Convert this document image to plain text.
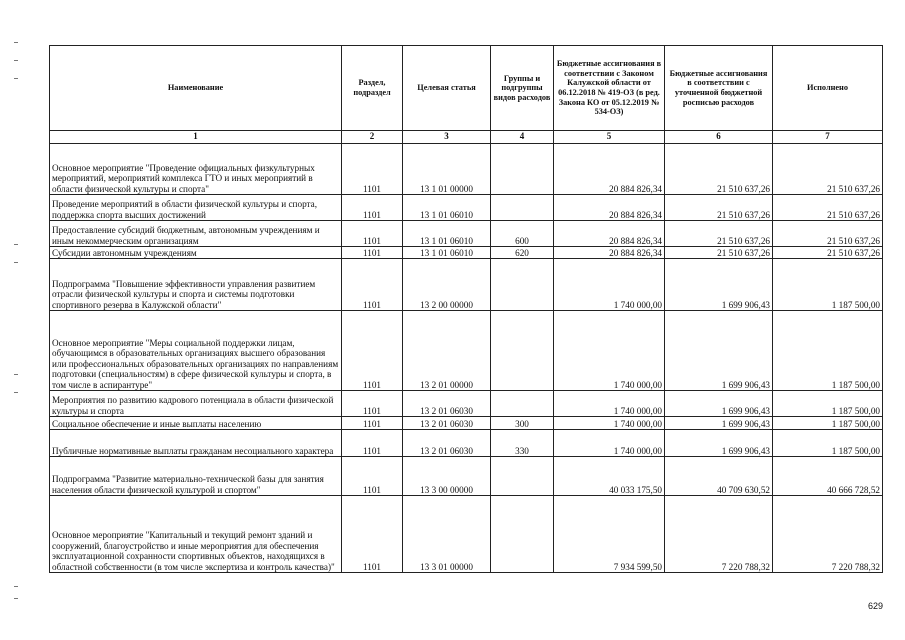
Наименование	Раздел, подраздел	Целевая статья	Группы и подгруппы видов расходов	Бюджетные ассигнования в соответствии с Законом Калужской области от 06.12.2018 № 419-ОЗ (в ред. Закона КО от 05.12.2019 № 534-ОЗ)	Бюджетные ассигнования в соответствии с уточненной бюджетной росписью расходов	Исполнено
1	2	3	4	5	6	7
Основное мероприятие "Проведение официальных физкультурных мероприятий, мероприятий комплекса ГТО и иных мероприятий в области физической культуры и спорта"	1101	13 1 01 00000		20 884 826,34	21 510 637,26	21 510 637,26
Проведение мероприятий в области физической культуры и спорта, поддержка спорта высших достижений	1101	13 1 01 06010		20 884 826,34	21 510 637,26	21 510 637,26
Предоставление субсидий бюджетным, автономным учреждениям и иным некоммерческим организациям	1101	13 1 01 06010	600	20 884 826,34	21 510 637,26	21 510 637,26
Субсидии автономным учреждениям	1101	13 1 01 06010	620	20 884 826,34	21 510 637,26	21 510 637,26
Подпрограмма "Повышение эффективности управления развитием отрасли физической культуры и спорта и системы подготовки спортивного резерва в Калужской области"	1101	13 2 00 00000		1 740 000,00	1 699 906,43	1 187 500,00
Основное мероприятие "Меры социальной поддержки лицам, обучающимся в образовательных организациях высшего образования или профессиональных образовательных организациях по направлениям подготовки (специальностям) в сфере физической культуры и спорта, в том числе в аспирантуре"	1101	13 2 01 00000		1 740 000,00	1 699 906,43	1 187 500,00
Мероприятия по развитию кадрового потенциала в области физической культуры и спорта	1101	13 2 01 06030		1 740 000,00	1 699 906,43	1 187 500,00
Социальное обеспечение и иные выплаты населению	1101	13 2 01 06030	300	1 740 000,00	1 699 906,43	1 187 500,00
Публичные нормативные выплаты гражданам несоциального характера	1101	13 2 01 06030	330	1 740 000,00	1 699 906,43	1 187 500,00
Подпрограмма "Развитие материально-технической базы для занятия населения области физической культурой и спортом"	1101	13 3 00 00000		40 033 175,50	40 709 630,52	40 666 728,52
Основное мероприятие "Капитальный и текущий ремонт зданий и сооружений, благоустройство и иные мероприятия для обеспечения эксплуатационной сохранности спортивных объектов, находящихся в областной собственности (в том числе экспертиза и контроль качества)"	1101	13 3 01 00000		7 934 599,50	7 220 788,32	7 220 788,32
629
